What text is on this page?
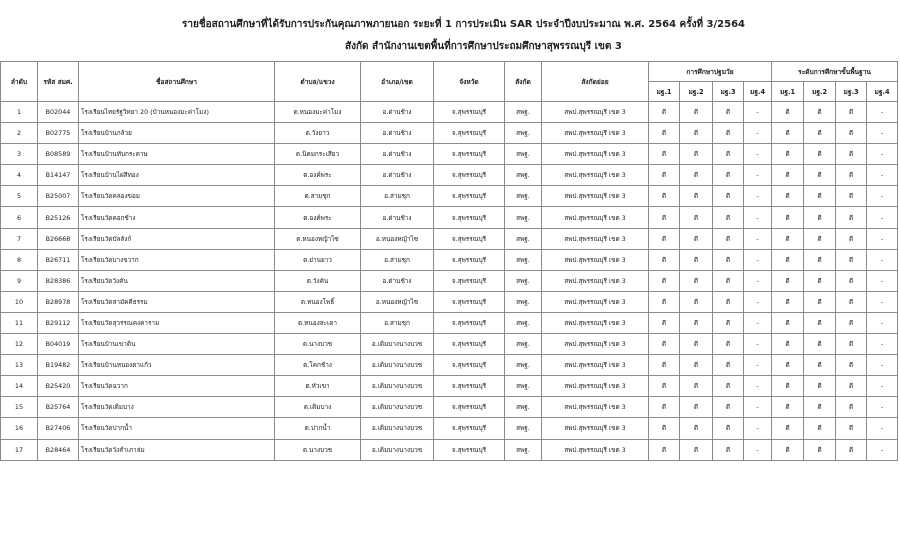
รายชื่อสถานศึกษาที่ได้รับการประกันคุณภาพภายนอก ระยะที่ 1 การประเมิน SAR ประจำปีงบประมาณ พ.ศ. 2564 ครั้งที่ 3/2564
สังกัด สำนักงานเขตพื้นที่การศึกษาประถมศึกษาสุพรรณบุรี เขต 3
ลำดับ	รหัส สมศ.	ชื่อสถานศึกษา	ตำบล/แขวง	อำเภอ/เขต	จังหวัด	สังกัด	สังกัดย่อย	การศึกษาปฐมวัย				ระดับการศึกษาขั้นพื้นฐาน			
								มฐ.1	มฐ.2	มฐ.3	มฐ.4	มฐ.1	มฐ.2	มฐ.3	มฐ.4
1	B02044	โรงเรียนไทยรัฐวิทยา 20 (บ้านหนองมะค่าโมง)	ต.หนองมะค่าโมง	อ.ด่านช้าง	จ.สุพรรณบุรี	สพฐ.	สพป.สุพรรณบุรี เขต 3	ดี	ดี	ดี	-	ดี	ดี	ดี	-
2	B02775	โรงเรียนบ้านกล้วย	ต.วังยาว	อ.ด่านช้าง	จ.สุพรรณบุรี	สพฐ.	สพป.สุพรรณบุรี เขต 3	ดี	ดี	ดี	-	ดี	ดี	ดี	-
3	B08589	โรงเรียนบ้านทับกระดาษ	ต.นิคมกระเสียว	อ.ด่านช้าง	จ.สุพรรณบุรี	สพฐ.	สพป.สุพรรณบุรี เขต 3	ดี	ดี	ดี	-	ดี	ดี	ดี	-
4	B14147	โรงเรียนบ้านไผ่สีทอง	ต.องค์พระ	อ.ด่านช้าง	จ.สุพรรณบุรี	สพฐ.	สพป.สุพรรณบุรี เขต 3	ดี	ดี	ดี	-	ดี	ดี	ดี	-
5	B25007	โรงเรียนวัดคลองขอม	ต.สามชุก	อ.สามชุก	จ.สุพรรณบุรี	สพฐ.	สพป.สุพรรณบุรี เขต 3	ดี	ดี	ดี	-	ดี	ดี	ดี	-
6	B25126	โรงเรียนวัดคอกช้าง	ต.องค์พระ	อ.ด่านช้าง	จ.สุพรรณบุรี	สพฐ.	สพป.สุพรรณบุรี เขต 3	ดี	ดี	ดี	-	ดี	ดี	ดี	-
7	B26668	โรงเรียนวัดบัลลังก์	ต.หนองหญ้าไซ	อ.หนองหญ้าไซ	จ.สุพรรณบุรี	สพฐ.	สพป.สุพรรณบุรี เขต 3	ดี	ดี	ดี	-	ดี	ดี	ดี	-
8	B26711	โรงเรียนวัดบางขวาก	ต.ย่านยาว	อ.สามชุก	จ.สุพรรณบุรี	สพฐ.	สพป.สุพรรณบุรี เขต 3	ดี	ดี	ดี	-	ดี	ดี	ดี	-
9	B28386	โรงเรียนวัดวังคัน	ต.วังคัน	อ.ด่านช้าง	จ.สุพรรณบุรี	สพฐ.	สพป.สุพรรณบุรี เขต 3	ดี	ดี	ดี	-	ดี	ดี	ดี	-
10	B28978	โรงเรียนวัดสามัคคีธรรม	ต.หนองโพธิ์	อ.หนองหญ้าไซ	จ.สุพรรณบุรี	สพฐ.	สพป.สุพรรณบุรี เขต 3	ดี	ดี	ดี	-	ดี	ดี	ดี	-
11	B29112	โรงเรียนวัดสุวรรณคงคาราม	ต.หนองสะเดา	อ.สามชุก	จ.สุพรรณบุรี	สพฐ.	สพป.สุพรรณบุรี เขต 3	ดี	ดี	ดี	-	ดี	ดี	ดี	-
12	B04019	โรงเรียนบ้านเขาดิน	ต.นางบวช	อ.เดิมบางนางบวช	จ.สุพรรณบุรี	สพฐ.	สพป.สุพรรณบุรี เขต 3	ดี	ดี	ดี	-	ดี	ดี	ดี	-
13	B19482	โรงเรียนบ้านหนองตาแก้ว	ต.โคกช้าง	อ.เดิมบางนางบวช	จ.สุพรรณบุรี	สพฐ.	สพป.สุพรรณบุรี เขต 3	ดี	ดี	ดี	-	ดี	ดี	ดี	-
14	B25420	โรงเรียนวัดฉวาก	ต.หัวเขา	อ.เดิมบางนางบวช	จ.สุพรรณบุรี	สพฐ.	สพป.สุพรรณบุรี เขต 3	ดี	ดี	ดี	-	ดี	ดี	ดี	-
15	B25764	โรงเรียนวัดเดิมบาง	ต.เดิมบาง	อ.เดิมบางนางบวช	จ.สุพรรณบุรี	สพฐ.	สพป.สุพรรณบุรี เขต 3	ดี	ดี	ดี	-	ดี	ดี	ดี	-
16	B27406	โรงเรียนวัดปากน้ำ	ต.ปากน้ำ	อ.เดิมบางนางบวช	จ.สุพรรณบุรี	สพฐ.	สพป.สุพรรณบุรี เขต 3	ดี	ดี	ดี	-	ดี	ดี	ดี	-
17	B28464	โรงเรียนวัดวังสำเภาล่ม	ต.นางบวช	อ.เดิมบางนางบวช	จ.สุพรรณบุรี	สพฐ.	สพป.สุพรรณบุรี เขต 3	ดี	ดี	ดี	-	ดี	ดี	ดี	-
